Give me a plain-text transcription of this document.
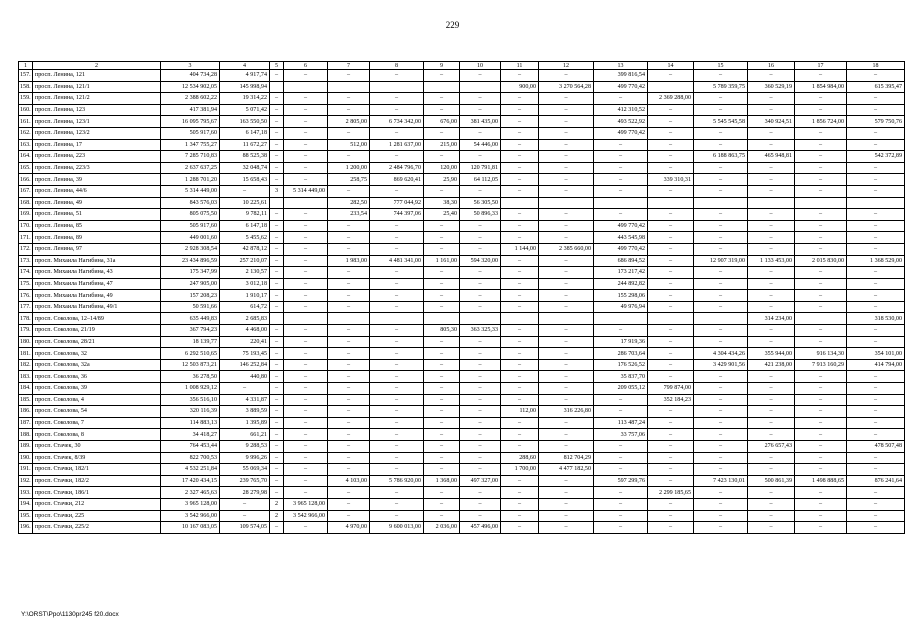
229
1	2	3	4	5	6	7	8	9	10	11	12	13	14	15	16	17	18
157.	просп. Ленина, 121	404 734,28	4 917,74	–	–	–	–	–	–	–	–	399 816,54	–	–	–	–	–
158.	просп. Ленина, 121/1	12 534 902,05	145 998,94							900,00	3 270 564,28	499 770,42		5 789 359,75	360 529,19	1 854 984,00	615 395,47
159.	просп. Ленина, 121/2	2 388 602,22	19 314,22	–	–	–	–	–	–	–	–	–	2 369 288,00	–	–	–	–
160.	просп. Ленина, 123	417 381,94	5 071,42	–	–	–	–	–	–	–	–	412 310,52	–	–	–	–	–
161.	просп. Ленина, 123/1	16 095 795,67	163 550,50	–	–	2 805,00	6 734 342,00	676,00	381 435,00	–	–	493 522,92	–	5 545 545,58	340 924,51	1 856 724,00	579 750,76
162.	просп. Ленина, 123/2	505 917,60	6 147,18	–	–	–	–	–	–	–	–	499 770,42	–	–	–	–	–
163.	просп. Ленина, 17	1 347 755,27	11 672,27	–	–	512,00	1 281 637,00	215,00	54 446,00	–	–	–	–	–	–	–	–
164.	просп. Ленина, 223	7 285 710,83	88 525,38	–	–	–	–	–	–	–	–	–	–	6 188 863,75	465 948,81	–	542 372,89
165.	просп. Ленина, 223/3	2 637 637,25	32 048,74	–	–	1 200,00	2 484 796,70	120,00	120 791,81	–	–	–	–	–	–	–	–
166.	просп. Ленина, 39	1 288 701,20	15 658,43	–	–	258,75	869 620,41	25,90	64 112,05	–	–	–	339 310,31	–	–	–	–
167.	просп. Ленина, 44/6	5 314 449,00	–	3	5 314 449,00	–	–	–	–	–	–	–	–	–	–	–	–
168.	просп. Ленина, 49	843 576,03	10 225,61			282,50	777 044,92	38,30	56 305,50								
169.	просп. Ленина, 51	805 075,50	9 782,11	–	–	233,54	744 397,06	25,40	50 896,33	–	–	–	–	–	–	–	–
170.	просп. Ленина, 85	505 917,60	6 147,18	–	–	–	–	–	–	–	–	499 770,42	–	–	–	–	–
171.	просп. Ленина, 89	449 001,60	5 455,62	–	–	–	–	–	–	–	–	443 545,98	–	–	–	–	–
172.	просп. Ленина, 97	2 928 308,54	42 878,12	–	–	–	–	–	–	1 144,00	2 385 660,00	499 770,42	–	–	–	–	–
173.	просп. Михаила Нагибина, 31а	23 434 896,59	257 210,07	–	–	1 983,00	4 481 341,00	1 161,00	594 320,00	–	–	686 894,52	–	12 907 319,00	1 133 453,00	2 015 830,00	1 368 529,00
174.	просп. Михаила Нагибина, 43	175 347,99	2 130,57	–	–	–	–	–	–	–	–	173 217,42	–	–	–	–	–
175.	просп. Михаила Нагибина, 47	247 905,00	3 012,18	–	–	–	–	–	–	–	–	244 892,82	–	–	–	–	–
176.	просп. Михаила Нагибина, 49	157 208,23	1 910,17	–	–	–	–	–	–	–	–	155 298,06	–	–	–	–	–
177.	просп. Михаила Нагибина, 49/1	50 591,66	614,72	–	–	–	–	–	–	–	–	49 976,94	–	–	–	–	–
178.	просп. Соколова, 12–14/89	635 449,83	2 685,83												314 234,00		318 530,00
179.	просп. Соколова, 21/19	367 794,23	4 468,00	–	–	–	–	805,30	363 325,33	–	–	–	–	–	–	–	–
180.	просп. Соколова, 28/21	18 139,77	220,41	–	–	–	–	–	–	–	–	17 919,36	–	–	–	–	–
181.	просп. Соколова, 32	6 292 510,65	75 193,45	–	–	–	–	–	–	–	–	286 703,64	–	4 304 434,26	355 944,00	916 134,30	354 101,00
182.	просп. Соколова, 32а	12 503 873,21	146 252,84	–	–	–	–	–	–	–	–	176 526,52	–	3 429 901,56	421 238,00	7 913 160,29	414 794,00
183.	просп. Соколова, 36	36 278,50	440,80	–	–	–	–	–	–	–	–	35 837,70	–	–	–	–	–
184.	просп. Соколова, 39	1 008 929,12	–	–	–	–	–	–	–	–	–	209 055,12	799 874,00	–	–	–	–
185.	просп. Соколова, 4	356 516,10	4 331,87	–	–	–	–	–	–	–	–	–	352 184,23	–	–	–	–
186.	просп. Соколова, 54	320 116,39	3 889,59	–	–	–	–	–	–	112,00	316 226,80	–	–	–	–	–	–
187.	просп. Соколова, 7	114 883,13	1 395,89	–	–	–	–	–	–	–	–	113 487,24	–	–	–	–	–
188.	просп. Соколова, 8	34 418,27	661,21	–	–	–	–	–	–	–	–	33 757,06	–	–	–	–	–
189.	просп. Стачек, 30	764 453,44	9 288,53	–	–	–	–	–	–	–	–	–	–	–	276 657,43	–	478 507,48
190.	просп. Стачек, 8/39	822 700,53	9 996,26	–	–	–	–	–	–	288,60	812 704,29	–	–	–	–	–	–
191.	просп. Стачки, 182/1	4 532 251,84	55 069,34	–	–	–	–	–	–	1 700,00	4 477 182,50	–	–	–	–	–	–
192.	просп. Стачки, 182/2	17 420 434,15	239 765,70	–	–	4 103,00	5 786 920,00	1 368,00	497 327,00	–	–	597 299,76	–	7 423 130,01	500 861,39	1 498 888,65	876 241,64
193.	просп. Стачки, 186/1	2 327 465,63	28 279,98	–	–	–	–	–	–	–	–	–	2 299 185,65	–	–	–	–
194.	просп. Стачки, 212	3 965 128,00	–	2	3 965 128,00	–	–	–	–	–	–	–	–	–	–	–	–
195.	просп. Стачки, 225	3 542 966,00	–	2	3 542 966,00	–	–	–	–	–	–	–	–	–	–	–	–
196.	просп. Стачки, 225/2	10 167 083,05	109 574,05	–	–	4 970,00	9 600 013,00	2 036,00	457 496,00	–	–	–	–	–	–	–	–
Y:\ORST\Ppo\1130pr245 f20.docx
